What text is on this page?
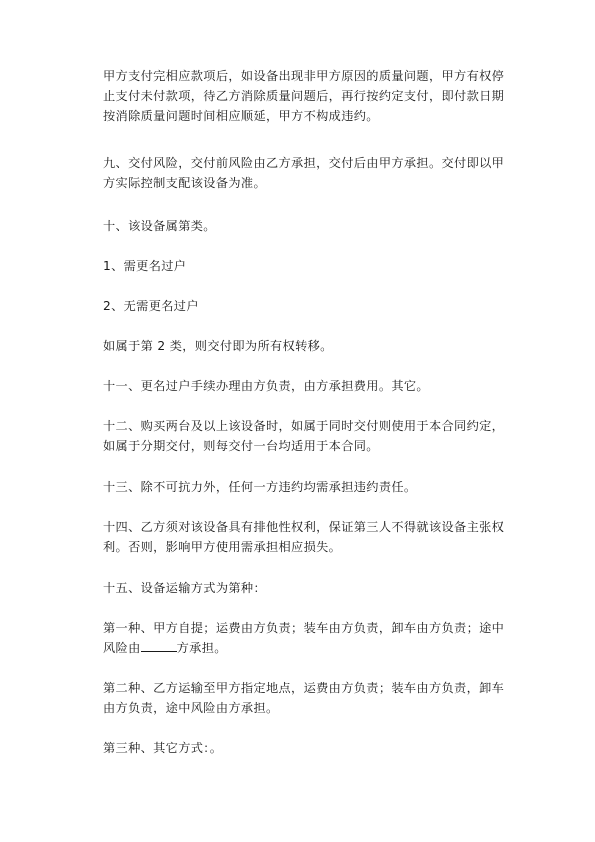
甲方支付完相应款项后，如设备出现非甲方原因的质量问题，甲方有权停止支付未付款项，待乙方消除质量问题后，再行按约定支付，即付款日期按消除质量问题时间相应顺延，甲方不构成违约。

九、交付风险，交付前风险由乙方承担，交付后由甲方承担。交付即以甲方实际控制支配该设备为准。

十、该设备属第类。

1、需更名过户

2、无需更名过户

如属于第 2 类，则交付即为所有权转移。

十一、更名过户手续办理由方负责，由方承担费用。其它。

十二、购买两台及以上该设备时，如属于同时交付则使用于本合同约定，如属于分期交付，则每交付一台均适用于本合同。

十三、除不可抗力外，任何一方违约均需承担违约责任。

十四、乙方须对该设备具有排他性权利，保证第三人不得就该设备主张权利。否则，影响甲方使用需承担相应损失。

十五、设备运输方式为第种：

第一种、甲方自提；运费由方负责；装车由方负责，卸车由方负责；途中风险由	方承担。

第二种、乙方运输至甲方指定地点，运费由方负责；装车由方负责，卸车由方负责，途中风险由方承担。

第三种、其它方式：。
